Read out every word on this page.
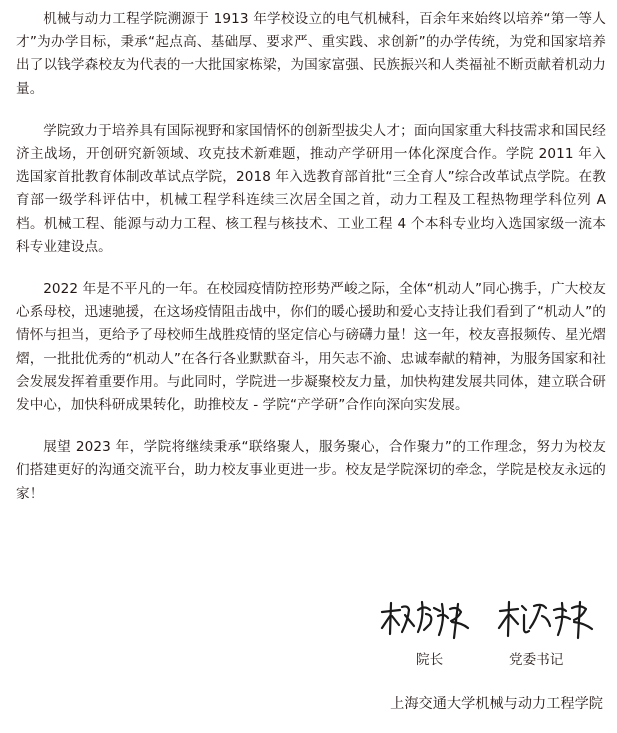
机械与动力工程学院溯源于 1913 年学校设立的电气机械科，百余年来始终以培养“第一等人才”为办学目标，秉承“起点高、基础厚、要求严、重实践、求创新”的办学传统，为党和国家培养出了以钱学森校友为代表的一大批国家栋梁，为国家富强、民族振兴和人类福祉不断贡献着机动力量。

学院致力于培养具有国际视野和家国情怀的创新型拔尖人才；面向国家重大科技需求和国民经济主战场，开创研究新领域、攻克技术新难题，推动产学研用一体化深度合作。学院 2011 年入选国家首批教育体制改革试点学院，2018 年入选教育部首批“三全育人”综合改革试点学院。在教育部一级学科评估中，机械工程学科连续三次居全国之首，动力工程及工程热物理学科位列 A 档。机械工程、能源与动力工程、核工程与核技术、工业工程 4 个本科专业均入选国家级一流本科专业建设点。

2022 年是不平凡的一年。在校园疫情防控形势严峻之际，全体“机动人”同心携手，广大校友心系母校，迅速驰援，在这场疫情阻击战中，你们的暖心援助和爱心支持让我们看到了“机动人”的情怀与担当，更给予了母校师生战胜疫情的坚定信心与磅礴力量！这一年，校友喜报频传、星光熠熠，一批批优秀的“机动人”在各行各业默默奋斗，用矢志不渝、忠诚奉献的精神，为服务国家和社会发展发挥着重要作用。与此同时，学院进一步凝聚校友力量，加快构建发展共同体，建立联合研发中心，加快科研成果转化，助推校友 - 学院“产学研”合作向深向实发展。

展望 2023 年，学院将继续秉承“联络聚人，服务聚心，合作聚力”的工作理念，努力为校友们搭建更好的沟通交流平台，助力校友事业更进一步。校友是学院深切的牵念，学院是校友永远的家！

院长	党委书记
上海交通大学机械与动力工程学院
